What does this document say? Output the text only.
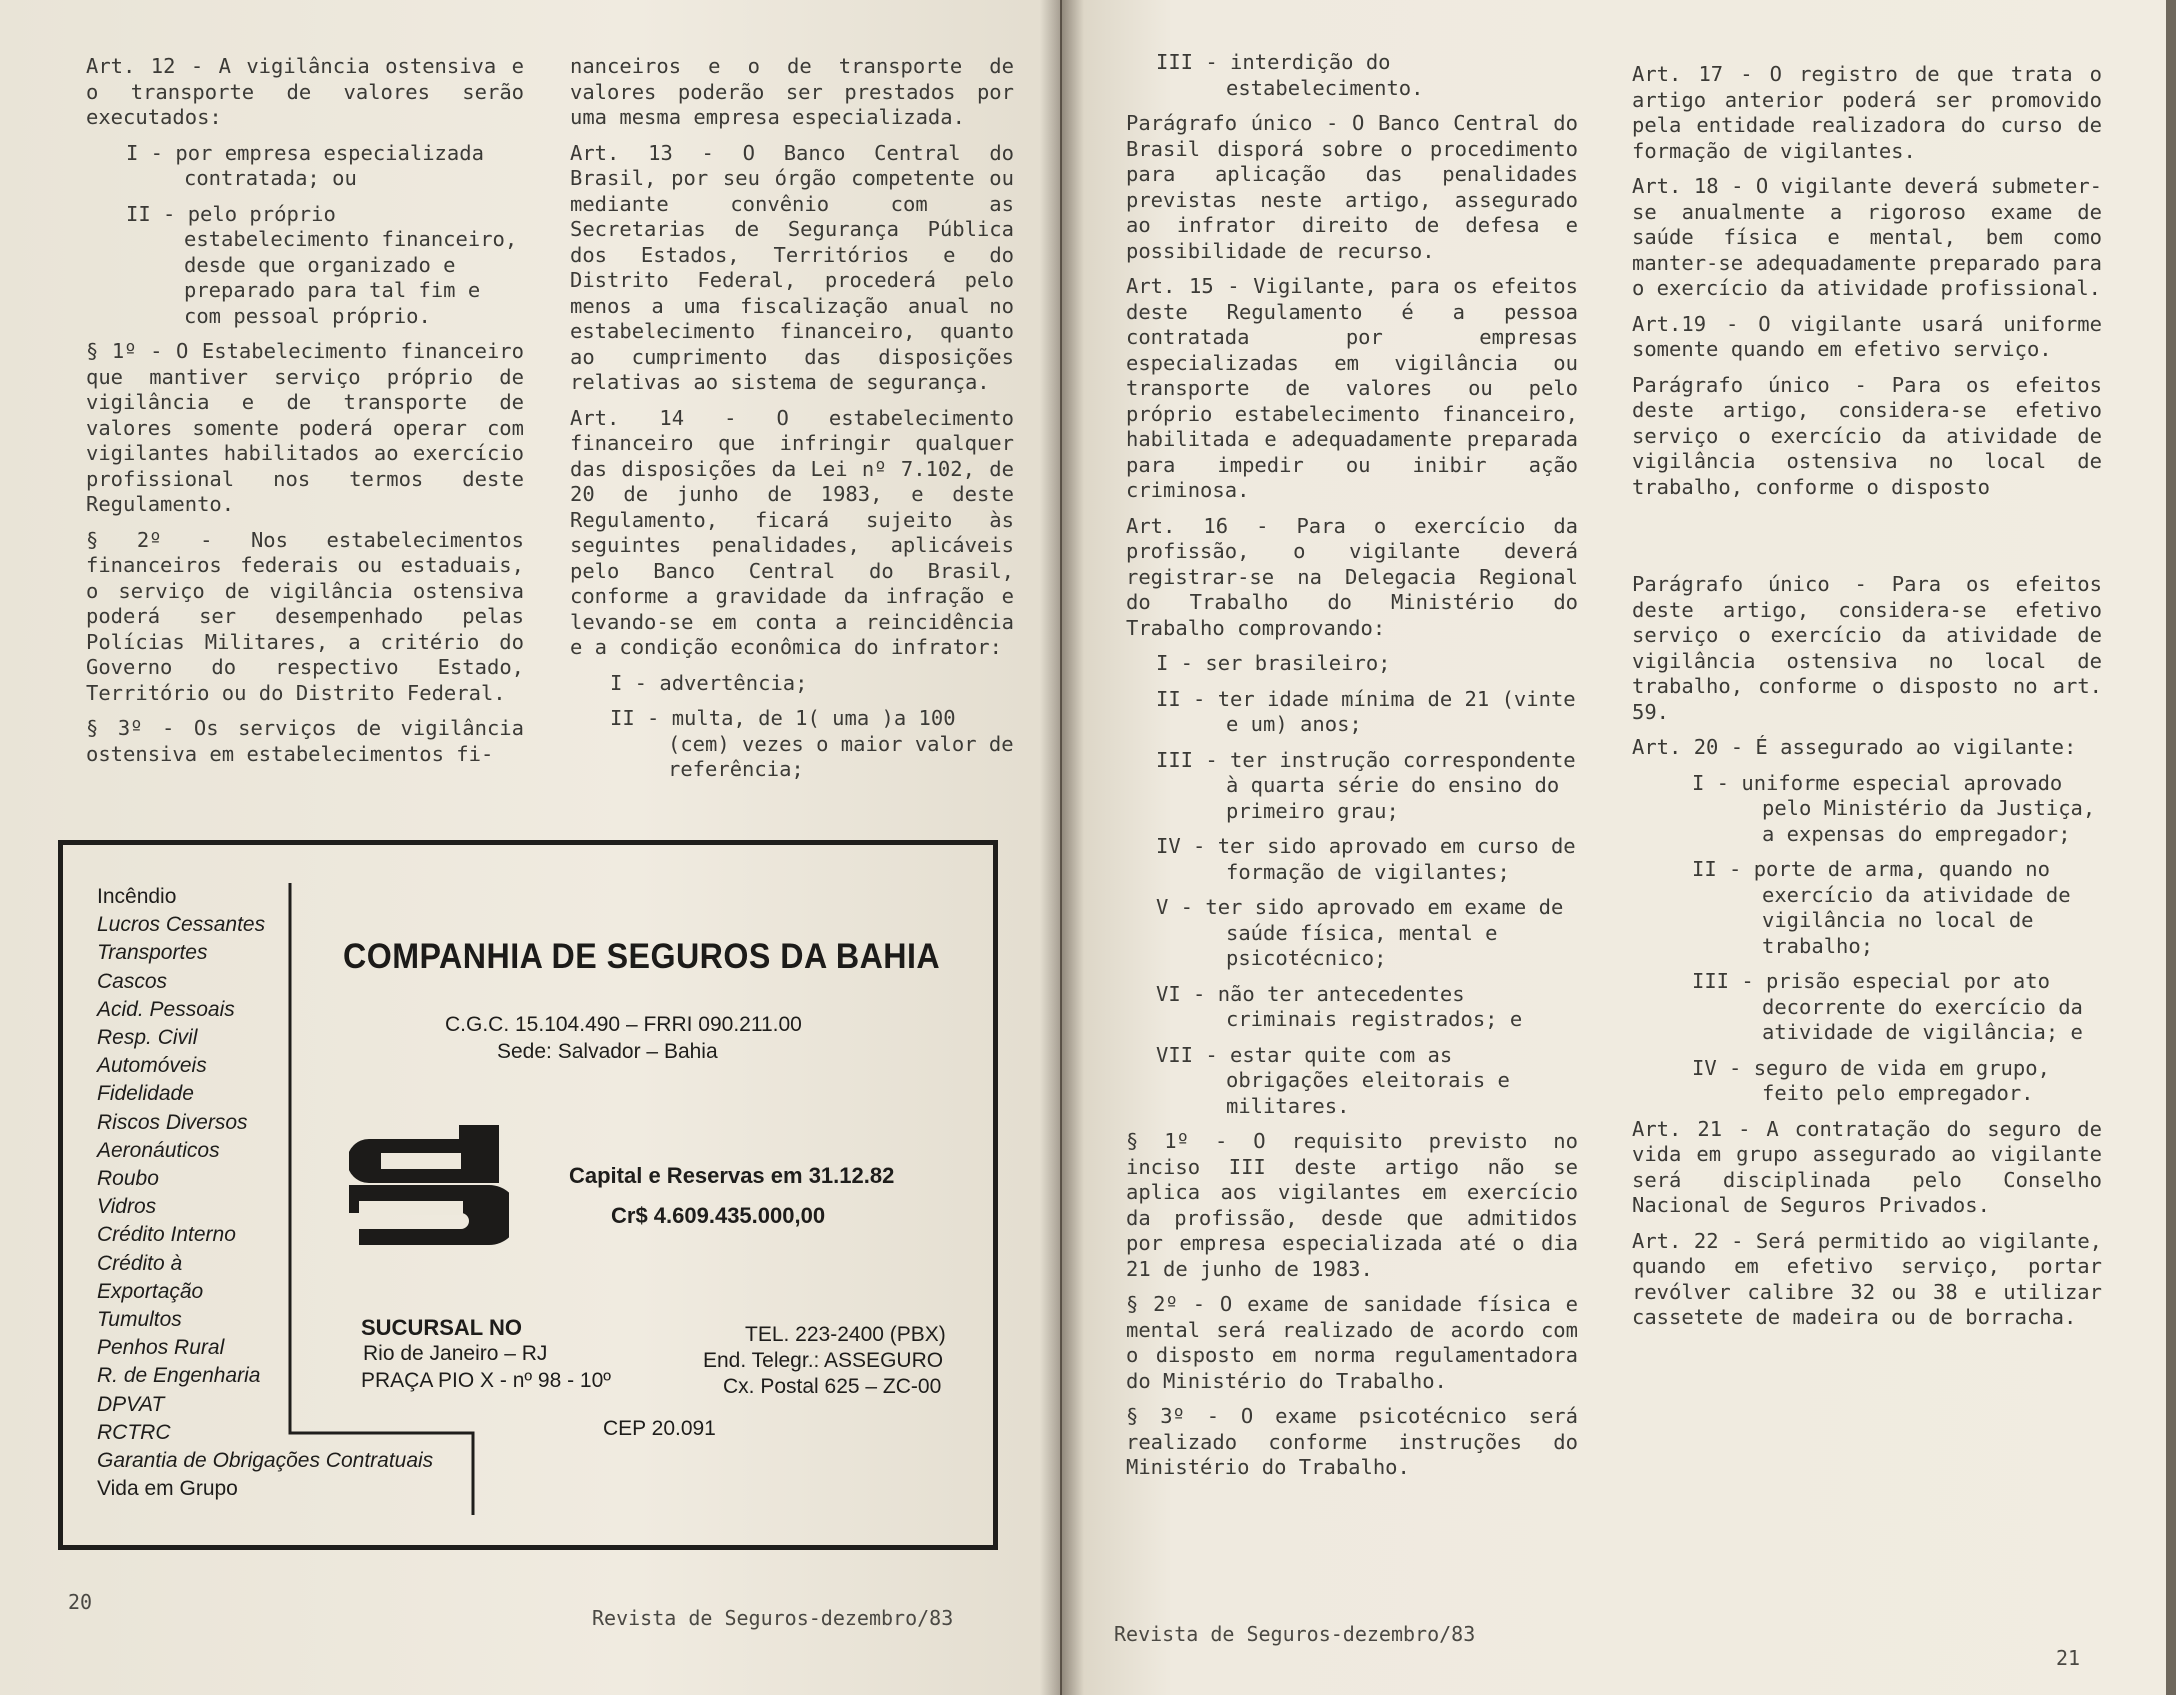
Art. 12 - A vigilância ostensiva e o transporte de valores serão executados:

I - por empresa especializada contratada; ou

II - pelo próprio estabelecimento financeiro, desde que organizado e preparado para tal fim e com pessoal próprio.

§ 1º - O Estabelecimento financeiro que mantiver serviço próprio de vigilância e de transporte de valores somente poderá operar com vigilantes habilitados ao exercício profissional nos termos deste Regulamento.

§ 2º - Nos estabelecimentos financeiros federais ou estaduais, o serviço de vigilância ostensiva poderá ser desempenhado pelas Polícias Militares, a critério do Governo do respectivo Estado, Território ou do Distrito Federal.

§ 3º - Os serviços de vigilância ostensiva em estabelecimentos fi-

nanceiros e o de transporte de valores poderão ser prestados por uma mesma empresa especializada.

Art. 13 - O Banco Central do Brasil, por seu órgão competente ou mediante convênio com as Secretarias de Segurança Pública dos Estados, Territórios e do Distrito Federal, procederá pelo menos a uma fiscalização anual no estabelecimento financeiro, quanto ao cumprimento das disposições relativas ao sistema de segurança.

Art. 14 - O estabelecimento financeiro que infringir qualquer das disposições da Lei nº 7.102, de 20 de junho de 1983, e deste Regulamento, ficará sujeito às seguintes penalidades, aplicáveis pelo Banco Central do Brasil, conforme a gravidade da infração e levando-se em conta a reincidência e a condição econômica do infrator:

I - advertência;

II - multa, de 1( uma )a 100 (cem) vezes o maior valor de referência;

Incêndio
Lucros Cessantes
Transportes
Cascos
Acid. Pessoais
Resp. Civil
Automóveis
Fidelidade
Riscos Diversos
Aeronáuticos
Roubo
Vidros
Crédito Interno
Crédito à
Exportação
Tumultos
Penhos Rural
R. de Engenharia
DPVAT
RCTRC
Garantia de Obrigações Contratuais
Vida em Grupo
COMPANHIA DE SEGUROS DA BAHIA
C.G.C. 15.104.490 – FRRI 090.211.00
Sede: Salvador – Bahia
Capital e Reservas em 31.12.82
Cr$ 4.609.435.000,00
SUCURSAL NO
Rio de Janeiro – RJ
PRAÇA PIO X - nº 98 - 10º
TEL. 223-2400 (PBX)
End. Telegr.: ASSEGURO
Cx. Postal 625 – ZC-00
CEP 20.091
20
Revista de Seguros-dezembro/83

III - interdição do estabelecimento.

Parágrafo único - O Banco Central do Brasil disporá sobre o procedimento para aplicação das penalidades previstas neste artigo, assegurado ao infrator direito de defesa e possibilidade de recurso.

Art. 15 - Vigilante, para os efeitos deste Regulamento é a pessoa contratada por empresas especializadas em vigilância ou transporte de valores ou pelo próprio estabelecimento financeiro, habilitada e adequadamente preparada para impedir ou inibir ação criminosa.

Art. 16 - Para o exercício da profissão, o vigilante deverá registrar-se na Delegacia Regional do Trabalho do Ministério do Trabalho comprovando:

I - ser brasileiro;

II - ter idade mínima de 21 (vinte e um) anos;

III - ter instrução correspondente à quarta série do ensino do primeiro grau;

IV - ter sido aprovado em curso de formação de vigilantes;

V - ter sido aprovado em exame de saúde física, mental e psicotécnico;

VI - não ter antecedentes criminais registrados; e

VII - estar quite com as obrigações eleitorais e militares.

§ 1º - O requisito previsto no inciso III deste artigo não se aplica aos vigilantes em exercício da profissão, desde que admitidos por empresa especializada até o dia 21 de junho de 1983.

§ 2º - O exame de sanidade física e mental será realizado de acordo com o disposto em norma regulamentadora do Ministério do Trabalho.

§ 3º - O exame psicotécnico será realizado conforme instruções do Ministério do Trabalho.

Art. 17 - O registro de que trata o artigo anterior poderá ser promovido pela entidade realizadora do curso de formação de vigilantes.

Art. 18 - O vigilante deverá submeter-se anualmente a rigoroso exame de saúde física e mental, bem como manter-se adequadamente preparado para o exercício da atividade profissional.

Art.19 - O vigilante usará uniforme somente quando em efetivo serviço.

Parágrafo único - Para os efeitos deste artigo, considera-se efetivo serviço o exercício da atividade de vigilância ostensiva no local de trabalho, conforme o disposto

Parágrafo único - Para os efeitos deste artigo, considera-se efetivo serviço o exercício da atividade de vigilância ostensiva no local de trabalho, conforme o disposto no art. 59.

Art. 20 - É assegurado ao vigilante:

I - uniforme especial aprovado pelo Ministério da Justiça, a expensas do empregador;

II - porte de arma, quando no exercício da atividade de vigilância no local de trabalho;

III - prisão especial por ato decorrente do exercício da atividade de vigilância; e

IV - seguro de vida em grupo, feito pelo empregador.

Art. 21 - A contratação do seguro de vida em grupo assegurado ao vigilante será disciplinada pelo Conselho Nacional de Seguros Privados.

Art. 22 - Será permitido ao vigilante, quando em efetivo serviço, portar revólver calibre 32 ou 38 e utilizar cassetete de madeira ou de borracha.

Revista de Seguros-dezembro/83
21
